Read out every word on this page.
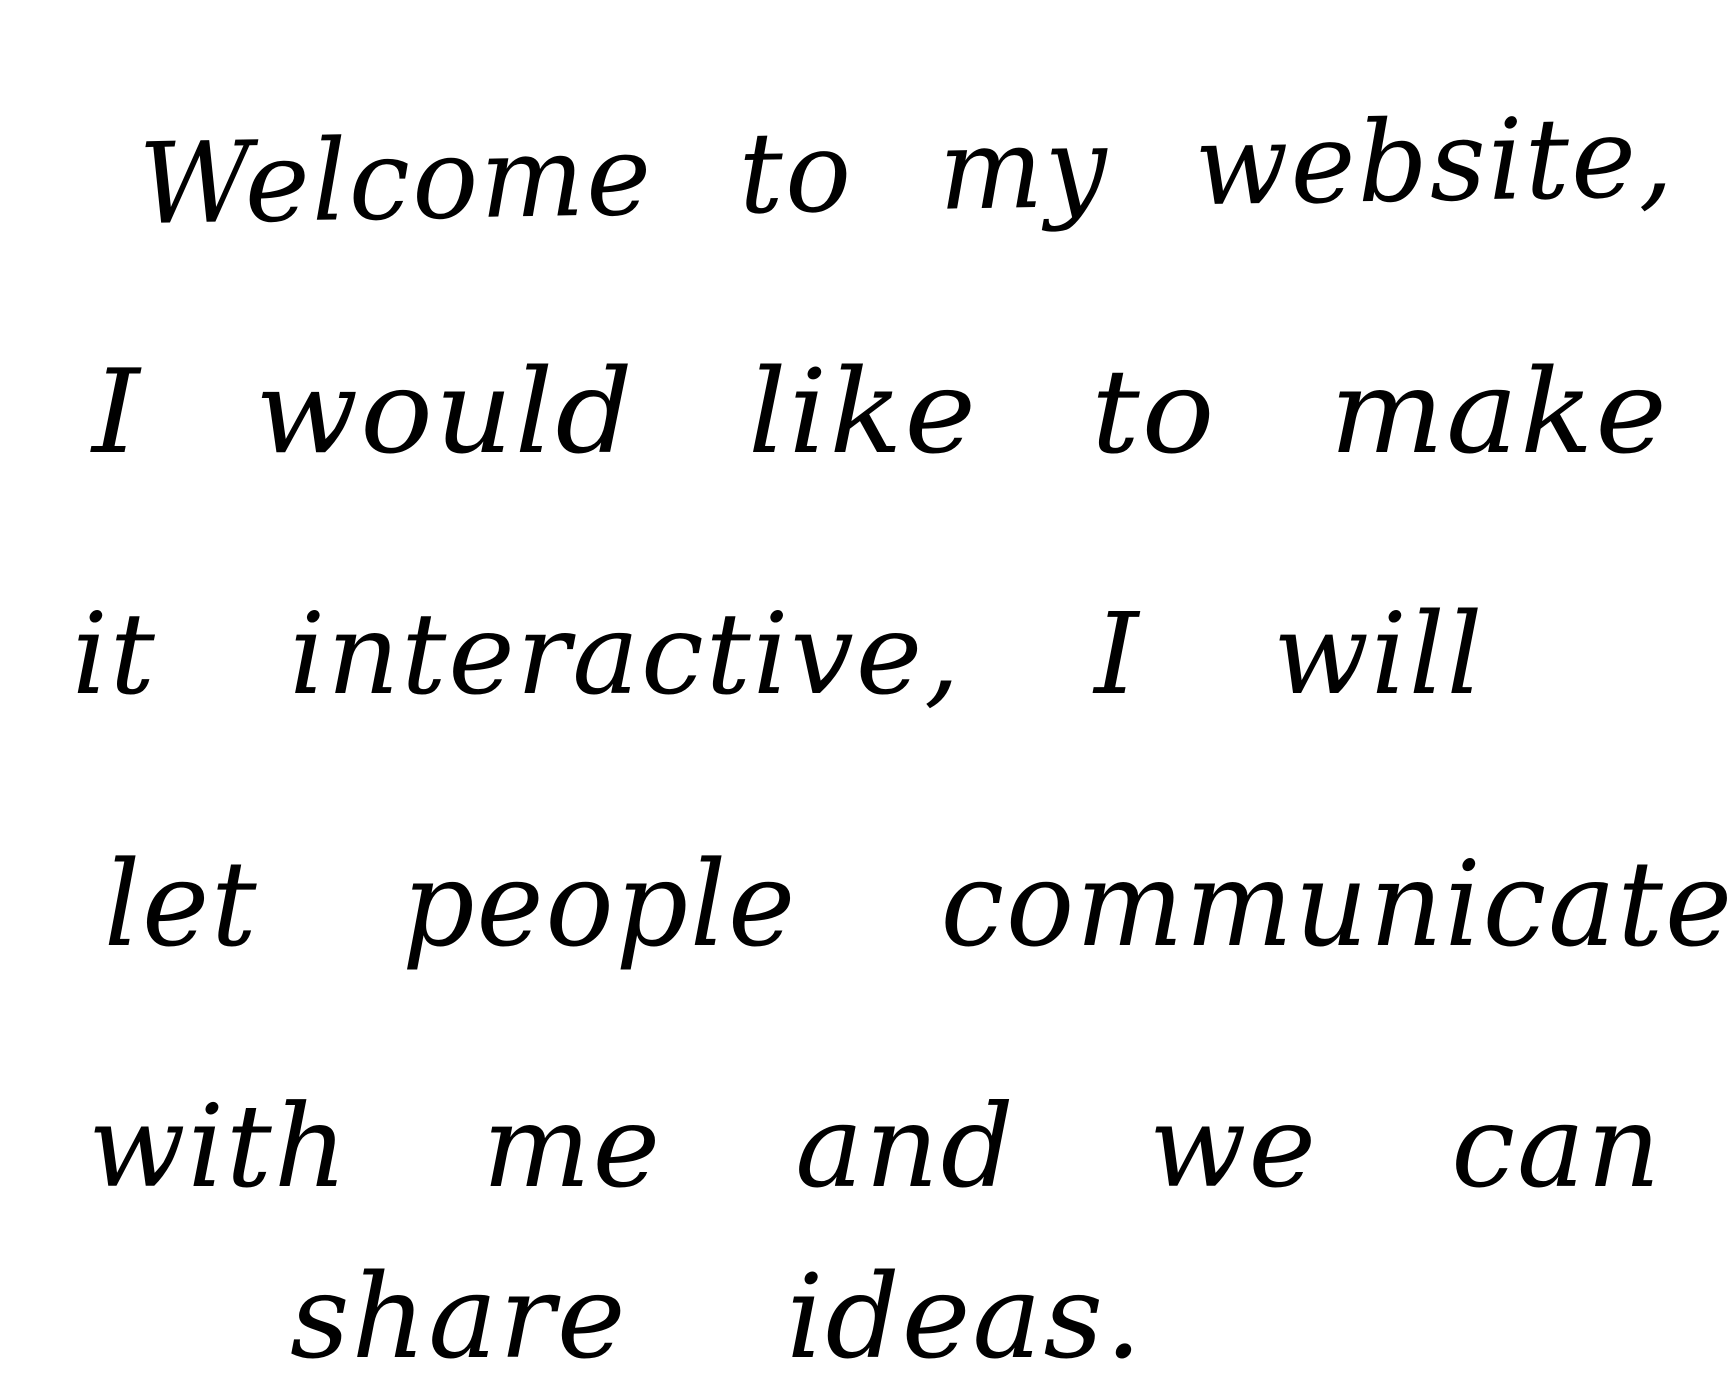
Welcome to my website,
I would like to make
it interactive, I will
let people communicate
with me and we can
share ideas.
